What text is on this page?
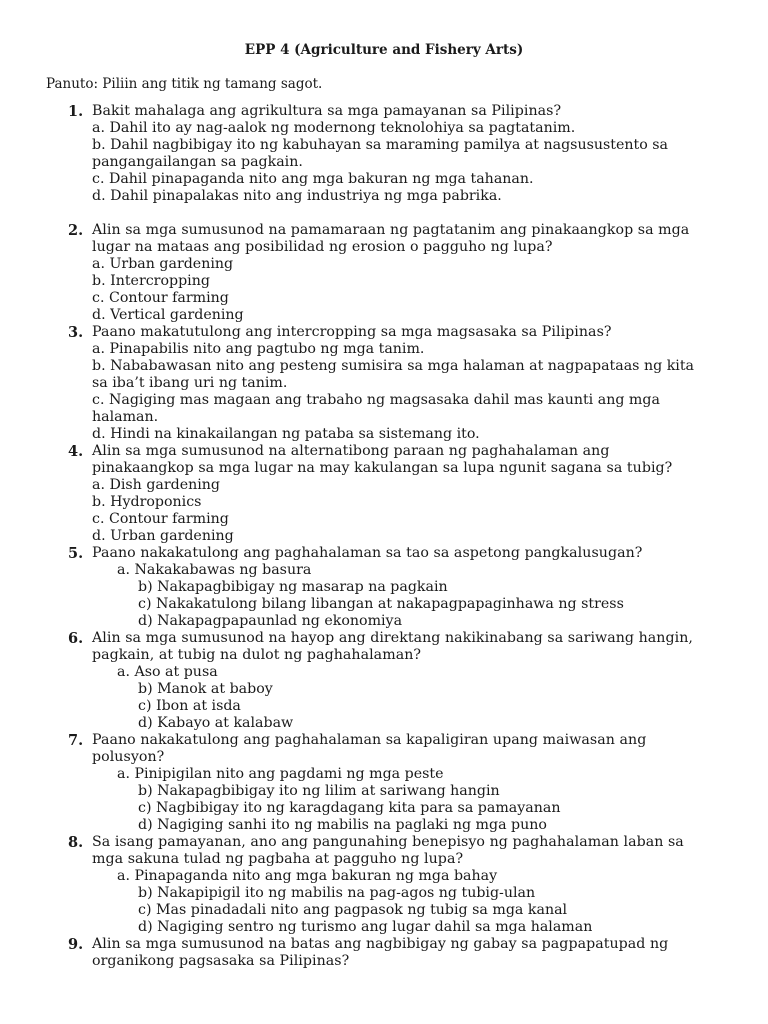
EPP 4 (Agriculture and Fishery Arts)
Panuto: Piliin ang titik ng tamang sagot.
1. Bakit mahalaga ang agrikultura sa mga pamayanan sa Pilipinas?
a. Dahil ito ay nag-aalok ng modernong teknolohiya sa pagtatanim.
b. Dahil nagbibigay ito ng kabuhayan sa maraming pamilya at nagsusustento sa pangangailangan sa pagkain.
c. Dahil pinapaganda nito ang mga bakuran ng mga tahanan.
d. Dahil pinapalakas nito ang industriya ng mga pabrika.
2. Alin sa mga sumusunod na pamamaraan ng pagtatanim ang pinakaangkop sa mga lugar na mataas ang posibilidad ng erosion o pagguho ng lupa?
a. Urban gardening
b. Intercropping
c. Contour farming
d. Vertical gardening
3. Paano makatutulong ang intercropping sa mga magsasaka sa Pilipinas?
a. Pinapabilis nito ang pagtubo ng mga tanim.
b. Nababawasan nito ang pesteng sumisira sa mga halaman at nagpapataas ng kita sa iba’t ibang uri ng tanim.
c. Nagiging mas magaan ang trabaho ng magsasaka dahil mas kaunti ang mga halaman.
d. Hindi na kinakailangan ng pataba sa sistemang ito.
4. Alin sa mga sumusunod na alternatibong paraan ng paghahalaman ang pinakaangkop sa mga lugar na may kakulangan sa lupa ngunit sagana sa tubig?
a. Dish gardening
b. Hydroponics
c. Contour farming
d. Urban gardening
5. Paano nakakatulong ang paghahalaman sa tao sa aspetong pangkalusugan?
a. Nakakabawas ng basura
b) Nakapagbibigay ng masarap na pagkain
c) Nakakatulong bilang libangan at nakapagpapaginhawa ng stress
d) Nakapagpapaunlad ng ekonomiya
6. Alin sa mga sumusunod na hayop ang direktang nakikinabang sa sariwang hangin, pagkain, at tubig na dulot ng paghahalaman?
a. Aso at pusa
b) Manok at baboy
c) Ibon at isda
d) Kabayo at kalabaw
7. Paano nakakatulong ang paghahalaman sa kapaligiran upang maiwasan ang polusyon?
a. Pinipigilan nito ang pagdami ng mga peste
b) Nakapagbibigay ito ng lilim at sariwang hangin
c) Nagbibigay ito ng karagdagang kita para sa pamayanan
d) Nagiging sanhi ito ng mabilis na paglaki ng mga puno
8. Sa isang pamayanan, ano ang pangunahing benepisyo ng paghahalaman laban sa mga sakuna tulad ng pagbaha at pagguho ng lupa?
a. Pinapaganda nito ang mga bakuran ng mga bahay
b) Nakapipigil ito ng mabilis na pag-agos ng tubig-ulan
c) Mas pinadadali nito ang pagpasok ng tubig sa mga kanal
d) Nagiging sentro ng turismo ang lugar dahil sa mga halaman
9. Alin sa mga sumusunod na batas ang nagbibigay ng gabay sa pagpapatupad ng organikong pagsasaka sa Pilipinas?
